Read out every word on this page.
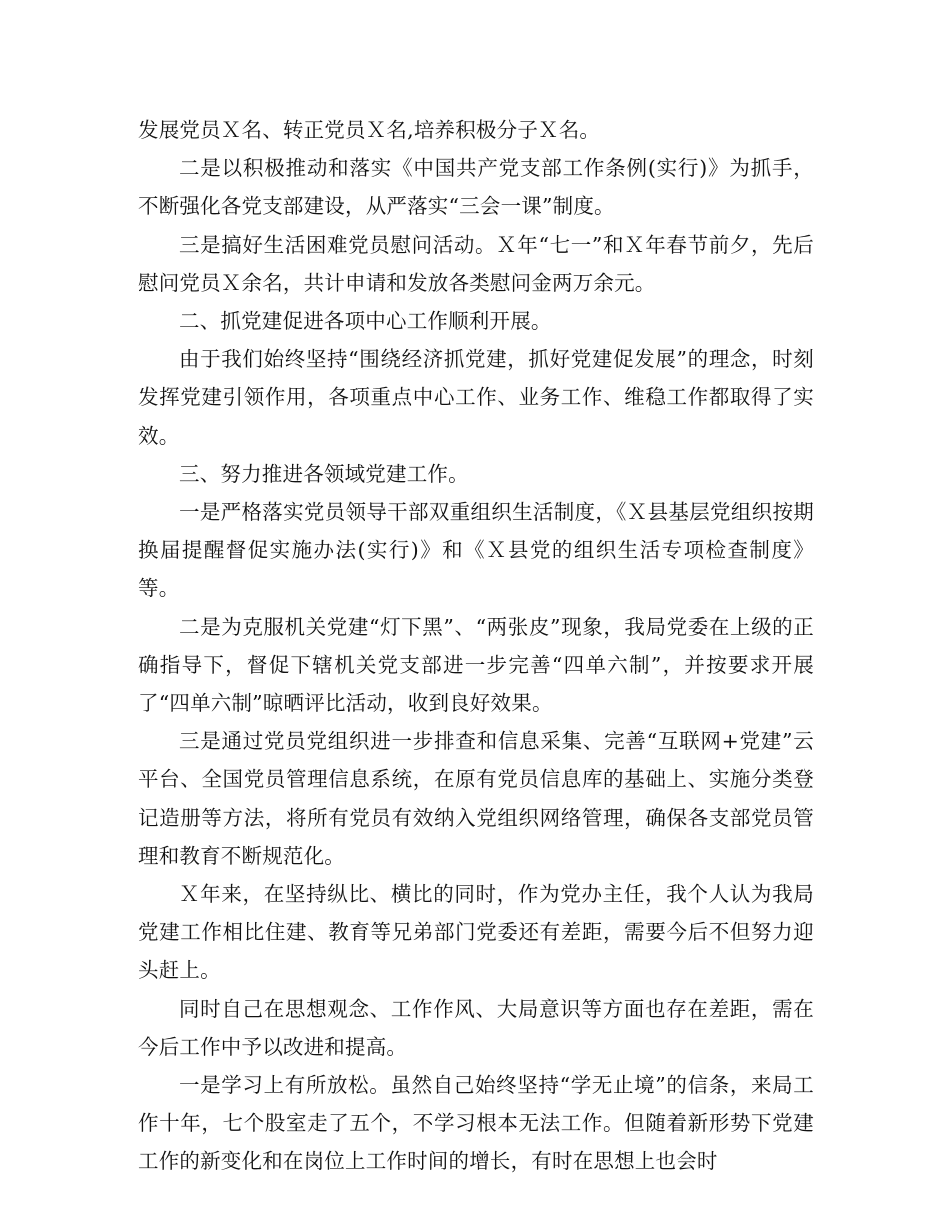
发展党员Ｘ名、转正党员Ｘ名,培养积极分子Ｘ名。

二是以积极推动和落实《中国共产党支部工作条例(实行)》为抓手，不断强化各党支部建设，从严落实“三会一课”制度。

三是搞好生活困难党员慰问活动。Ｘ年“七一”和Ｘ年春节前夕，先后慰问党员Ｘ余名，共计申请和发放各类慰问金两万余元。

二、抓党建促进各项中心工作顺利开展。

由于我们始终坚持“围绕经济抓党建，抓好党建促发展”的理念，时刻发挥党建引领作用，各项重点中心工作、业务工作、维稳工作都取得了实效。

三、努力推进各领域党建工作。

一是严格落实党员领导干部双重组织生活制度，《Ｘ县基层党组织按期换届提醒督促实施办法(实行)》和《Ｘ县党的组织生活专项检查制度》等。

二是为克服机关党建“灯下黑”、“两张皮”现象，我局党委在上级的正确指导下，督促下辖机关党支部进一步完善“四单六制”，并按要求开展了“四单六制”晾晒评比活动，收到良好效果。

三是通过党员党组织进一步排查和信息采集、完善“互联网+党建”云平台、全国党员管理信息系统，在原有党员信息库的基础上、实施分类登记造册等方法，将所有党员有效纳入党组织网络管理，确保各支部党员管理和教育不断规范化。

Ｘ年来，在坚持纵比、横比的同时，作为党办主任，我个人认为我局党建工作相比住建、教育等兄弟部门党委还有差距，需要今后不但努力迎头赶上。

同时自己在思想观念、工作作风、大局意识等方面也存在差距，需在今后工作中予以改进和提高。

一是学习上有所放松。虽然自己始终坚持“学无止境”的信条，来局工作十年，七个股室走了五个，不学习根本无法工作。但随着新形势下党建工作的新变化和在岗位上工作时间的增长，有时在思想上也会时
